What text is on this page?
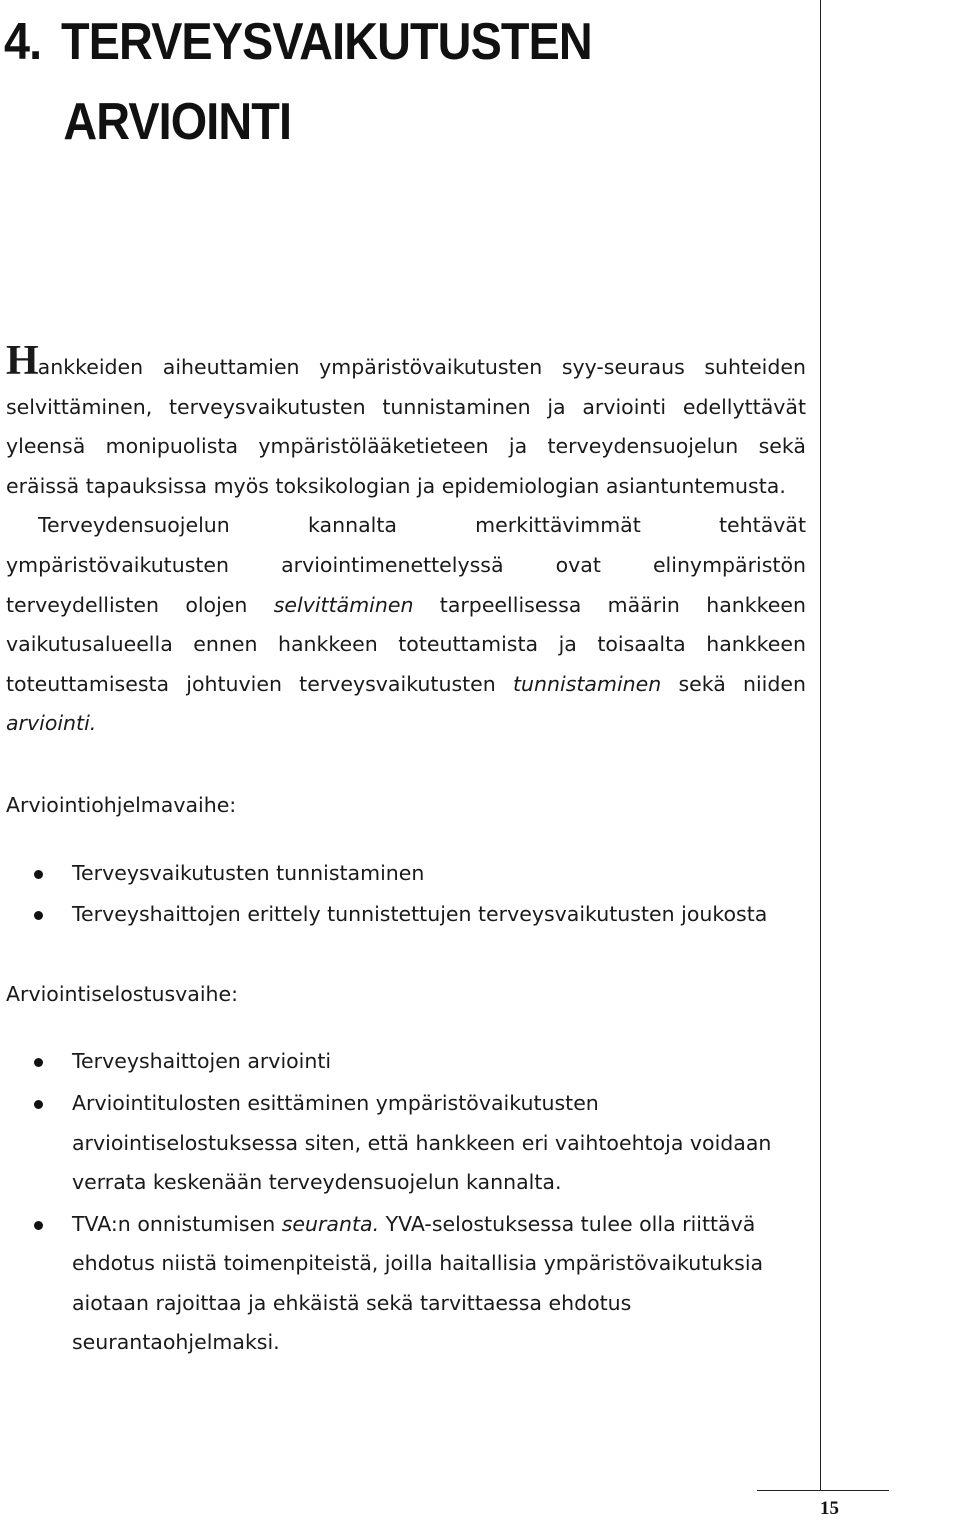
4. TERVEYSVAIKUTUSTEN
ARVIOINTI

Hankkeiden aiheuttamien ympäristövaikutusten syy-seuraus suhteiden selvittäminen, terveysvaikutusten tunnistaminen ja arviointi edellyttävät yleensä monipuolista ympäristölääketieteen ja terveydensuojelun sekä eräissä tapauksissa myös toksikologian ja epidemiologian asiantuntemusta.

Terveydensuojelun kannalta merkittävimmät tehtävät ympäristövaikutusten arviointimenettelyssä ovat elinympäristön terveydellisten olojen selvittäminen tarpeellisessa määrin hankkeen vaikutusalueella ennen hankkeen toteuttamista ja toisaalta hankkeen toteuttamisesta johtuvien terveysvaikutusten tunnistaminen sekä niiden arviointi.

Arviointiohjelmavaihe:

Terveysvaikutusten tunnistaminen
Terveyshaittojen erittely tunnistettujen terveysvaikutusten joukosta

Arviointiselostusvaihe:

Terveyshaittojen arviointi
Arviointitulosten esittäminen ympäristövaikutusten arviointiselostuksessa siten, että hankkeen eri vaihtoehtoja voidaan verrata keskenään terveydensuojelun kannalta.
TVA:n onnistumisen seuranta. YVA-selostuksessa tulee olla riittävä ehdotus niistä toimenpiteistä, joilla haitallisia ympäristövaikutuksia aiotaan rajoittaa ja ehkäistä sekä tarvittaessa ehdotus seurantaohjelmaksi.
15
